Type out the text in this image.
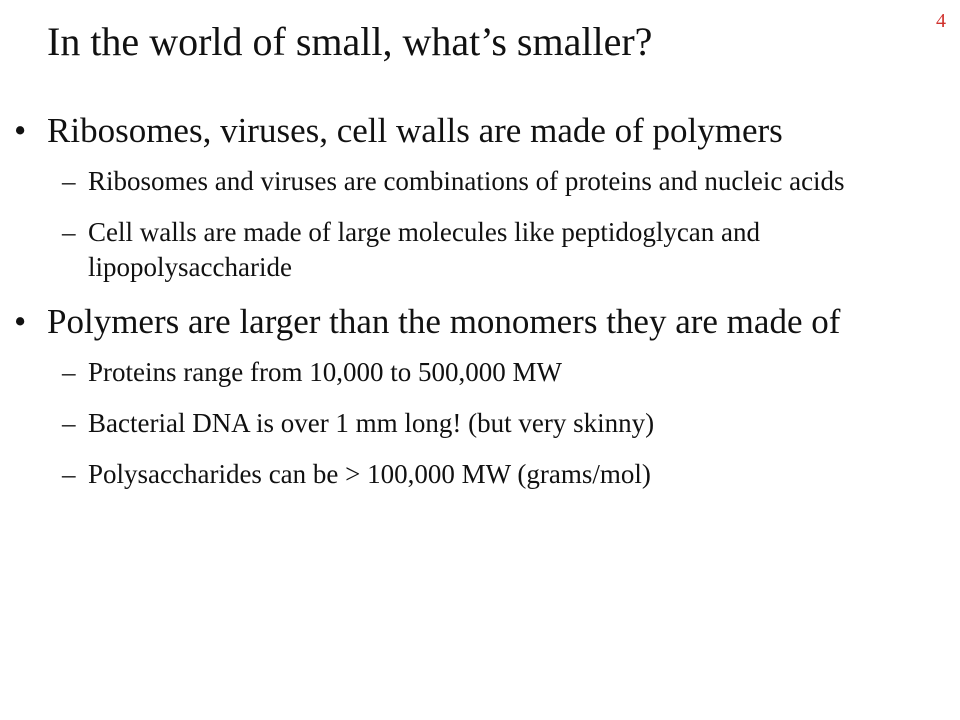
4
In the world of small, what’s smaller?
• Ribosomes, viruses, cell walls are made of polymers
– Ribosomes and viruses are combinations of proteins and nucleic acids
– Cell walls are made of large molecules like peptidoglycan and lipopolysaccharide
• Polymers are larger than the monomers they are made of
– Proteins range from 10,000 to 500,000 MW
– Bacterial DNA is over 1 mm long! (but very skinny)
– Polysaccharides can be > 100,000 MW (grams/mol)
